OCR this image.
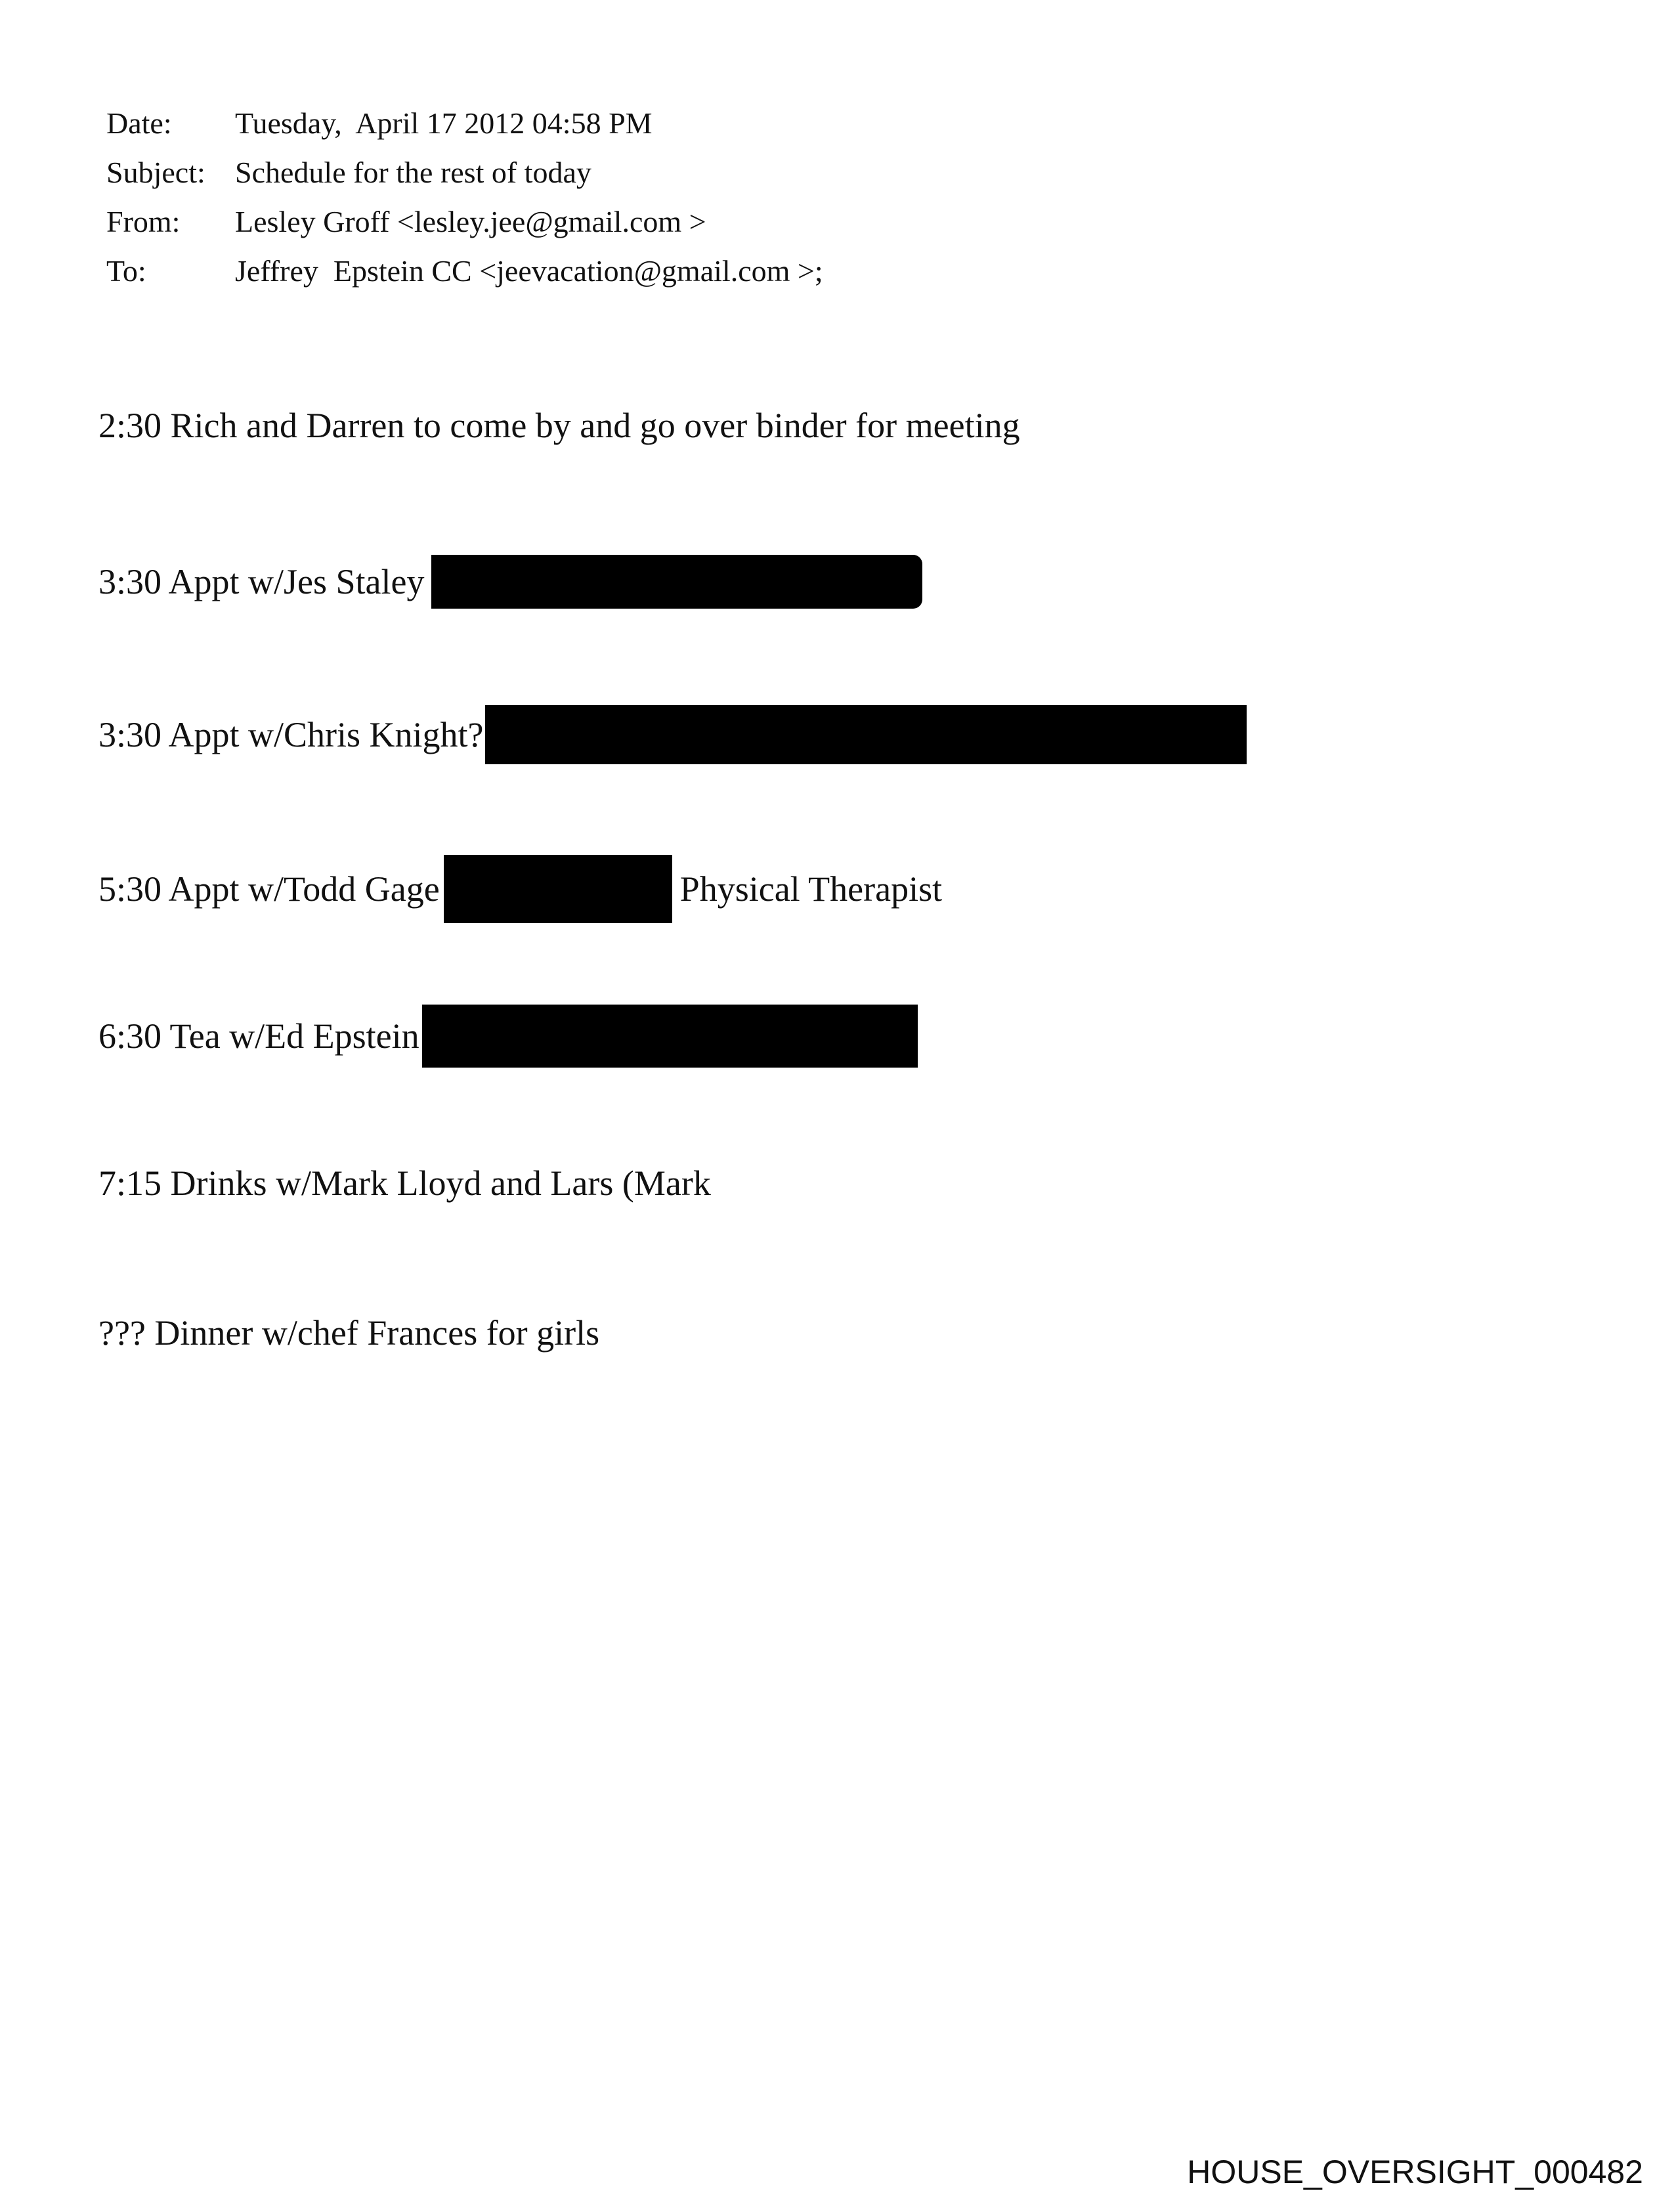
Date:	Tuesday,  April 17 2012 04:58 PM
Subject: Schedule for the rest of today
From:	Lesley Groff <lesley.jee@gmail.com >
To:	Jeffrey  Epstein CC <jeevacation@gmail.com >;
2:30 Rich and Darren to come by and go over binder for meeting
3:30 Appt w/Jes Staley
3:30 Appt w/Chris Knight?
5:30 Appt w/Todd Gage	Physical Therapist
6:30 Tea w/Ed Epstein
7:15 Drinks w/Mark Lloyd and Lars (Mark
??? Dinner w/chef Frances for girls
HOUSE_OVERSIGHT_000482
